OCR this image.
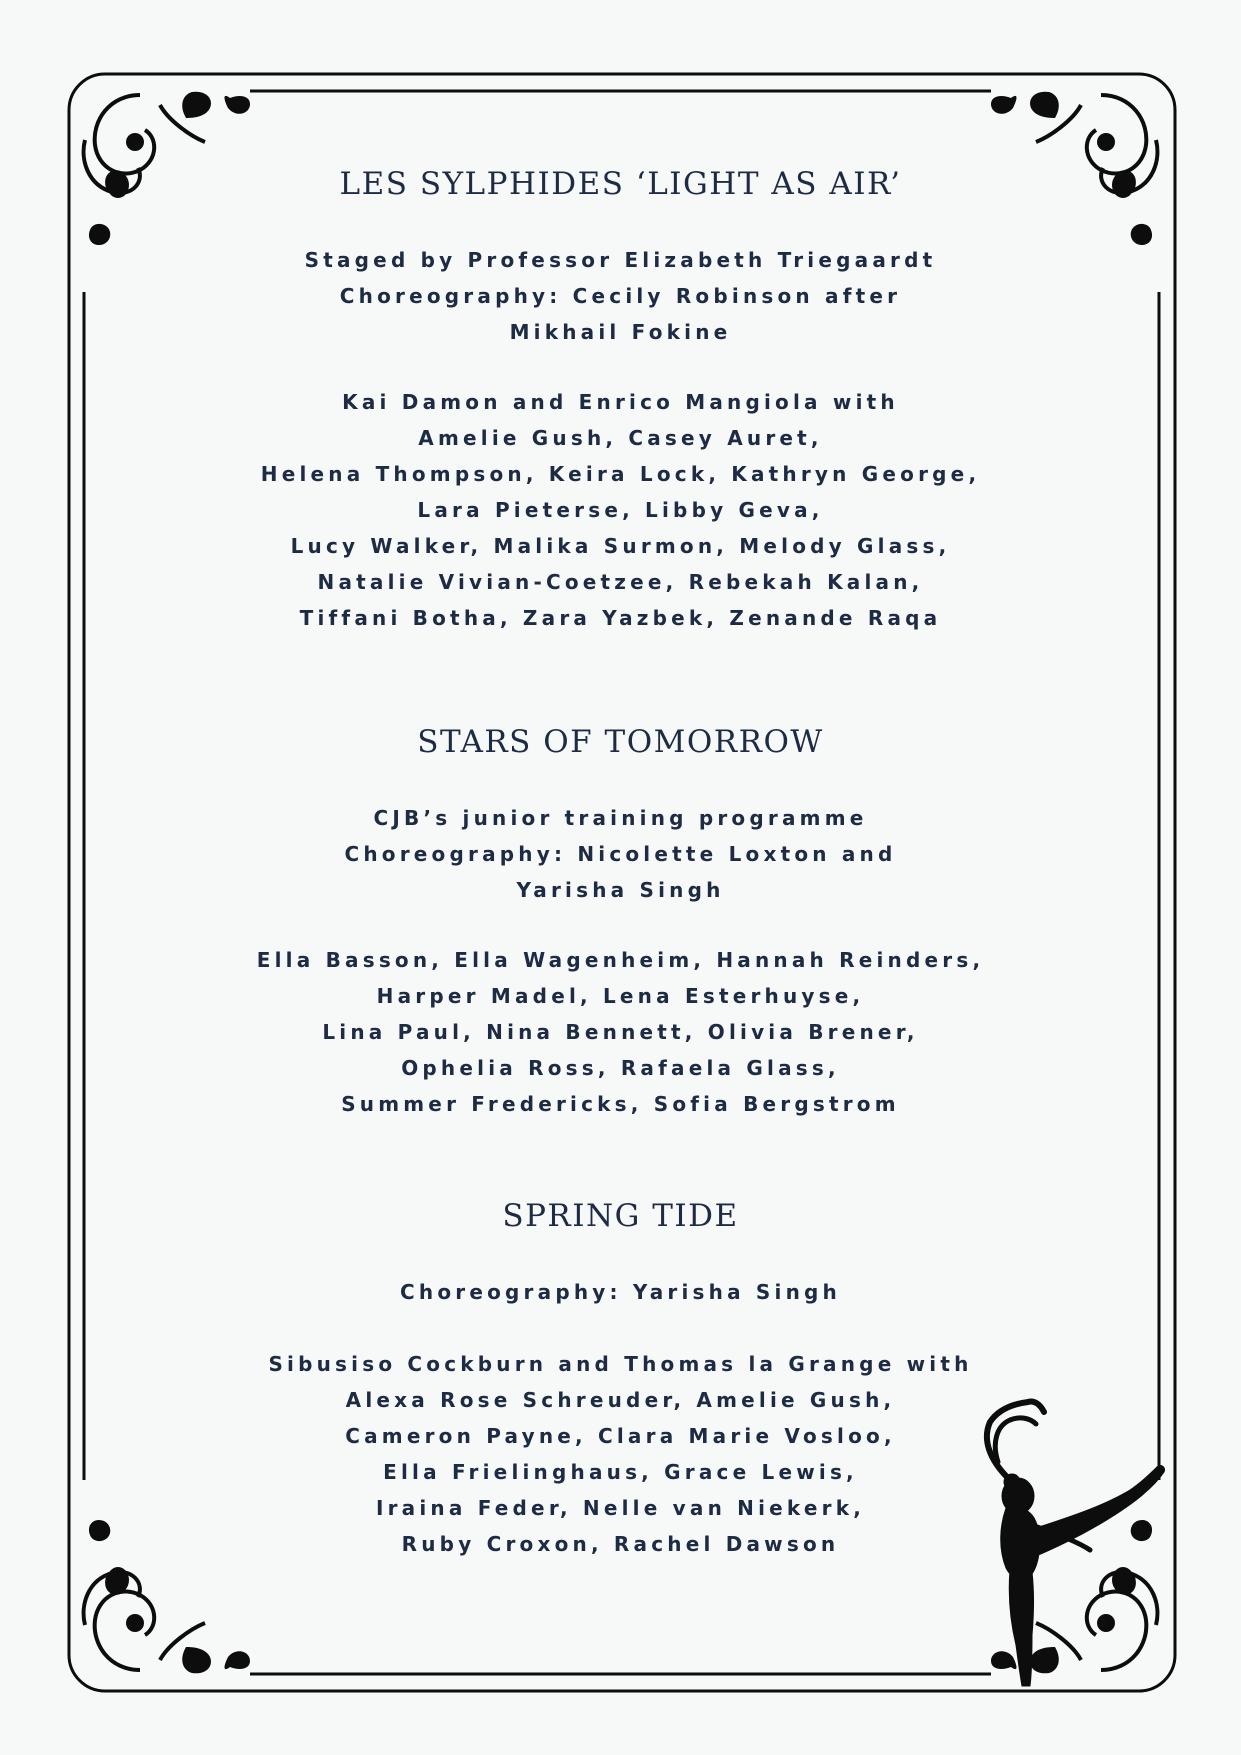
LES SYLPHIDES ‘LIGHT AS AIR’
Staged by Professor Elizabeth Triegaardt
Choreography: Cecily Robinson after
Mikhail Fokine
Kai Damon and Enrico Mangiola with
Amelie Gush, Casey Auret,
Helena Thompson, Keira Lock, Kathryn George,
Lara Pieterse, Libby Geva,
Lucy Walker, Malika Surmon, Melody Glass,
Natalie Vivian-Coetzee, Rebekah Kalan,
Tiffani Botha, Zara Yazbek, Zenande Raqa
STARS OF TOMORROW
CJB’s junior training programme
Choreography: Nicolette Loxton and
Yarisha Singh
Ella Basson, Ella Wagenheim, Hannah Reinders,
Harper Madel, Lena Esterhuyse,
Lina Paul, Nina Bennett, Olivia Brener,
Ophelia Ross, Rafaela Glass,
Summer Fredericks, Sofia Bergstrom
SPRING TIDE
Choreography: Yarisha Singh
Sibusiso Cockburn and Thomas la Grange with
Alexa Rose Schreuder, Amelie Gush,
Cameron Payne, Clara Marie Vosloo,
Ella Frielinghaus, Grace Lewis,
Iraina Feder, Nelle van Niekerk,
Ruby Croxon, Rachel Dawson
